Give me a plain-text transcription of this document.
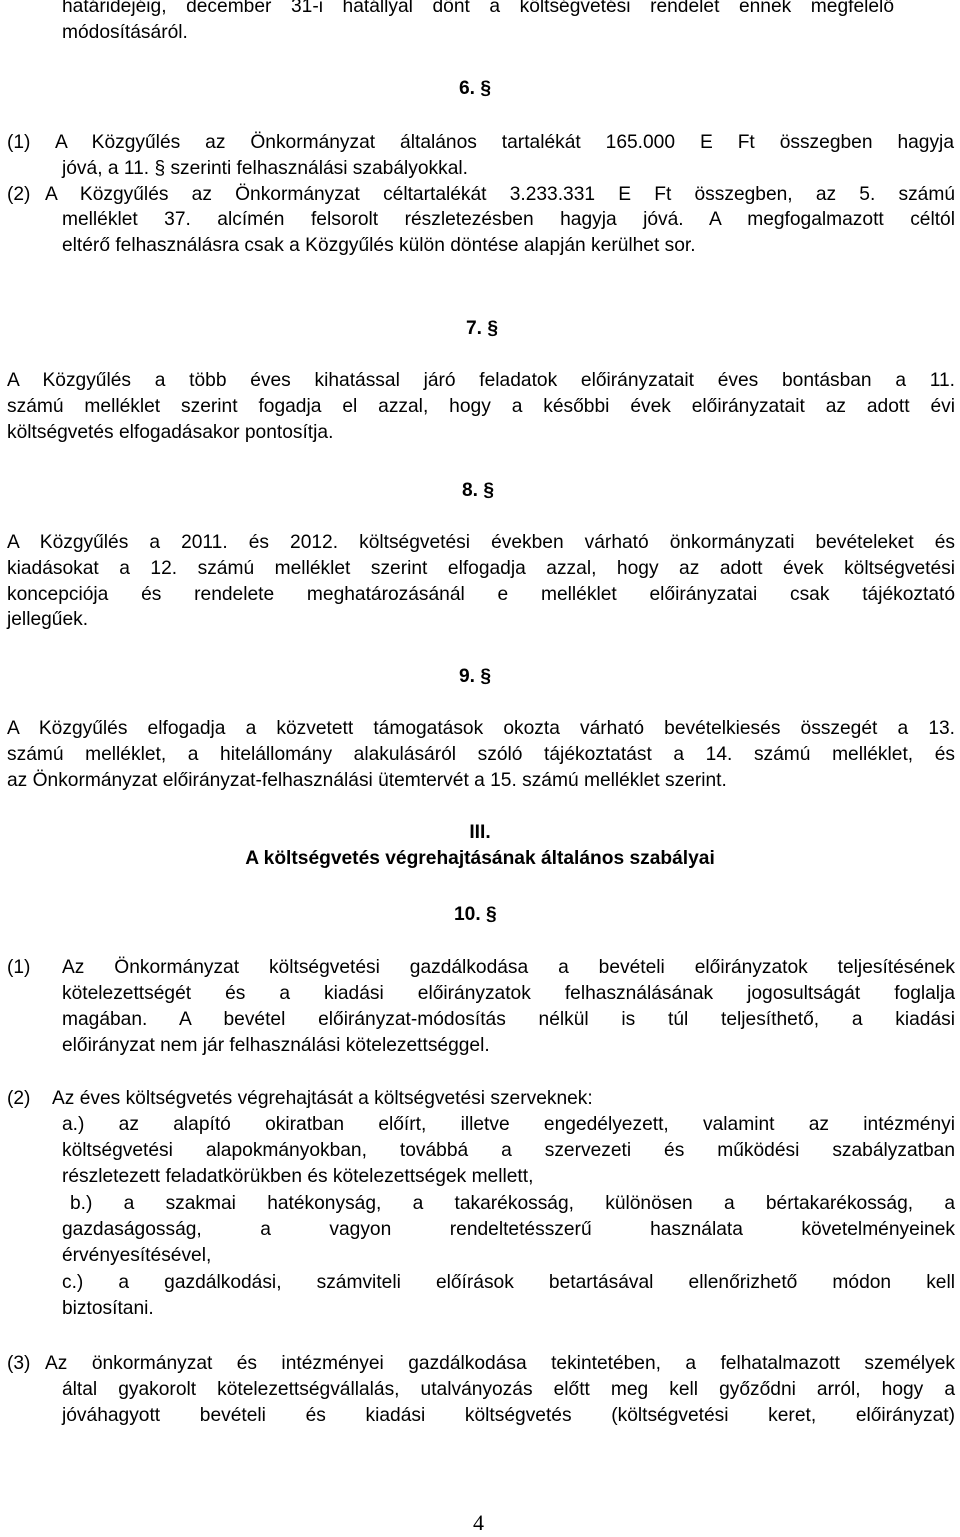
határidejéig, december 31-i hatállyal dönt a költségvetési rendelet ennek megfelelő
módosításáról.
6. §
(1) A Közgyűlés az Önkormányzat általános tartalékát 165.000 E Ft összegben hagyja
jóvá, a 11. § szerinti felhasználási szabályokkal.
(2) A Közgyűlés az Önkormányzat céltartalékát 3.233.331 E Ft összegben, az 5. számú
melléklet 37. alcímén felsorolt részletezésben hagyja jóvá. A megfogalmazott céltól
eltérő felhasználásra csak a Közgyűlés külön döntése alapján kerülhet sor.
7. §
A Közgyűlés a több éves kihatással járó feladatok előirányzatait éves bontásban a 11.
számú melléklet szerint fogadja el azzal, hogy a későbbi évek előirányzatait az adott évi
költségvetés elfogadásakor pontosítja.
8. §
A Közgyűlés a 2011. és 2012. költségvetési években várható önkormányzati bevételeket és
kiadásokat a 12. számú melléklet szerint elfogadja azzal, hogy az adott évek költségvetési
koncepciója és rendelete meghatározásánál e melléklet előirányzatai csak tájékoztató
jellegűek.
9. §
A Közgyűlés elfogadja a közvetett támogatások okozta várható bevételkiesés összegét a 13.
számú melléklet, a hitelállomány alakulásáról szóló tájékoztatást a 14. számú melléklet, és
az Önkormányzat előirányzat-felhasználási ütemtervét a 15. számú melléklet szerint.
III.
A költségvetés végrehajtásának általános szabályai
10. §
(1) Az Önkormányzat költségvetési gazdálkodása a bevételi előirányzatok teljesítésének
kötelezettségét és a kiadási előirányzatok felhasználásának jogosultságát foglalja
magában. A bevétel előirányzat-módosítás nélkül is túl teljesíthető, a kiadási
előirányzat nem jár felhasználási kötelezettséggel.
(2) Az éves költségvetés végrehajtását a költségvetési szerveknek:
a.) az alapító okiratban előírt, illetve engedélyezett, valamint az intézményi
költségvetési alapokmányokban, továbbá a szervezeti és működési szabályzatban
részletezett feladatkörükben és kötelezettségek mellett,
b.) a szakmai hatékonyság, a takarékosság, különösen a bértakarékosság, a
gazdaságosság, a vagyon rendeltetésszerű használata követelményeinek
érvényesítésével,
c.) a gazdálkodási, számviteli előírások betartásával ellenőrizhető módon kell
biztosítani.
(3) Az önkormányzat és intézményei gazdálkodása tekintetében, a felhatalmazott személyek
által gyakorolt kötelezettségvállalás, utalványozás előtt meg kell győződni arról, hogy a
jóváhagyott bevételi és kiadási költségvetés (költségvetési keret, előirányzat)
4
